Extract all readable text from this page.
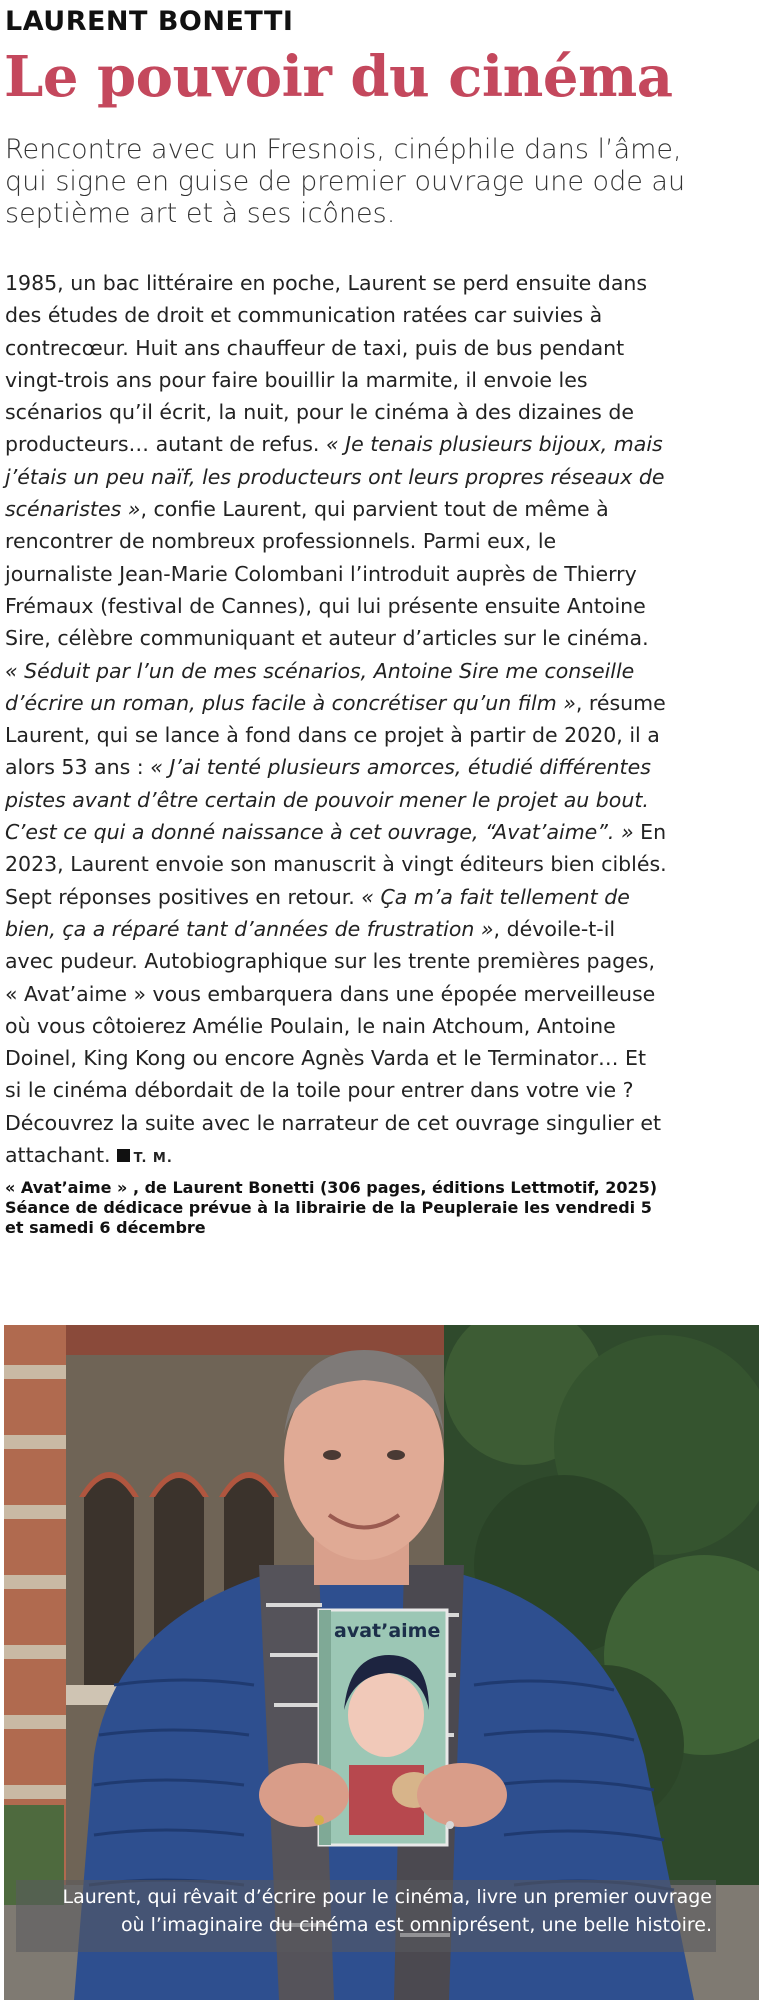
LAURENT BONETTI
Le pouvoir du cinéma
Rencontre avec un Fresnois, cinéphile dans l’âme, qui signe en guise de premier ouvrage une ode au septième art et à ses icônes.
1985, un bac littéraire en poche, Laurent se perd ensuite dans des études de droit et communication ratées car suivies à contrecœur. Huit ans chauffeur de taxi, puis de bus pendant vingt-trois ans pour faire bouillir la marmite, il envoie les scénarios qu’il écrit, la nuit, pour le cinéma à des dizaines de producteurs… autant de refus. « Je tenais plusieurs bijoux, mais j’étais un peu naïf, les producteurs ont leurs propres réseaux de scénaristes », confie Laurent, qui parvient tout de même à rencontrer de nombreux professionnels. Parmi eux, le journaliste Jean-Marie Colombani l’introduit auprès de Thierry Frémaux (festival de Cannes), qui lui présente ensuite Antoine Sire, célèbre communiquant et auteur d’articles sur le cinéma. « Séduit par l’un de mes scénarios, Antoine Sire me conseille d’écrire un roman, plus facile à concrétiser qu’un film », résume Laurent, qui se lance à fond dans ce projet à partir de 2020, il a alors 53 ans : « J’ai tenté plusieurs amorces, étudié différentes pistes avant d’être certain de pouvoir mener le projet au bout. C’est ce qui a donné naissance à cet ouvrage, “Avat’aime”. » En 2023, Laurent envoie son manuscrit à vingt éditeurs bien ciblés. Sept réponses positives en retour. « Ça m’a fait tellement de bien, ça a réparé tant d’années de frustration », dévoile-t-il avec pudeur. Autobiographique sur les trente premières pages, « Avat’aime » vous embarquera dans une épopée merveilleuse où vous côtoierez Amélie Poulain, le nain Atchoum, Antoine Doinel, King Kong ou encore Agnès Varda et le Terminator… Et si le cinéma débordait de la toile pour entrer dans votre vie ? Découvrez la suite avec le narrateur de cet ouvrage singulier et attachant. T. M.
« Avat’aime » , de Laurent Bonetti (306 pages, éditions Lettmotif, 2025)
Séance de dédicace prévue à la librairie de la Peupleraie les vendredi 5
et samedi 6 décembre
avat’aime
Laurent, qui rêvait d’écrire pour le cinéma, livre un premier ouvrage
où l’imaginaire du cinéma est omniprésent, une belle histoire.
